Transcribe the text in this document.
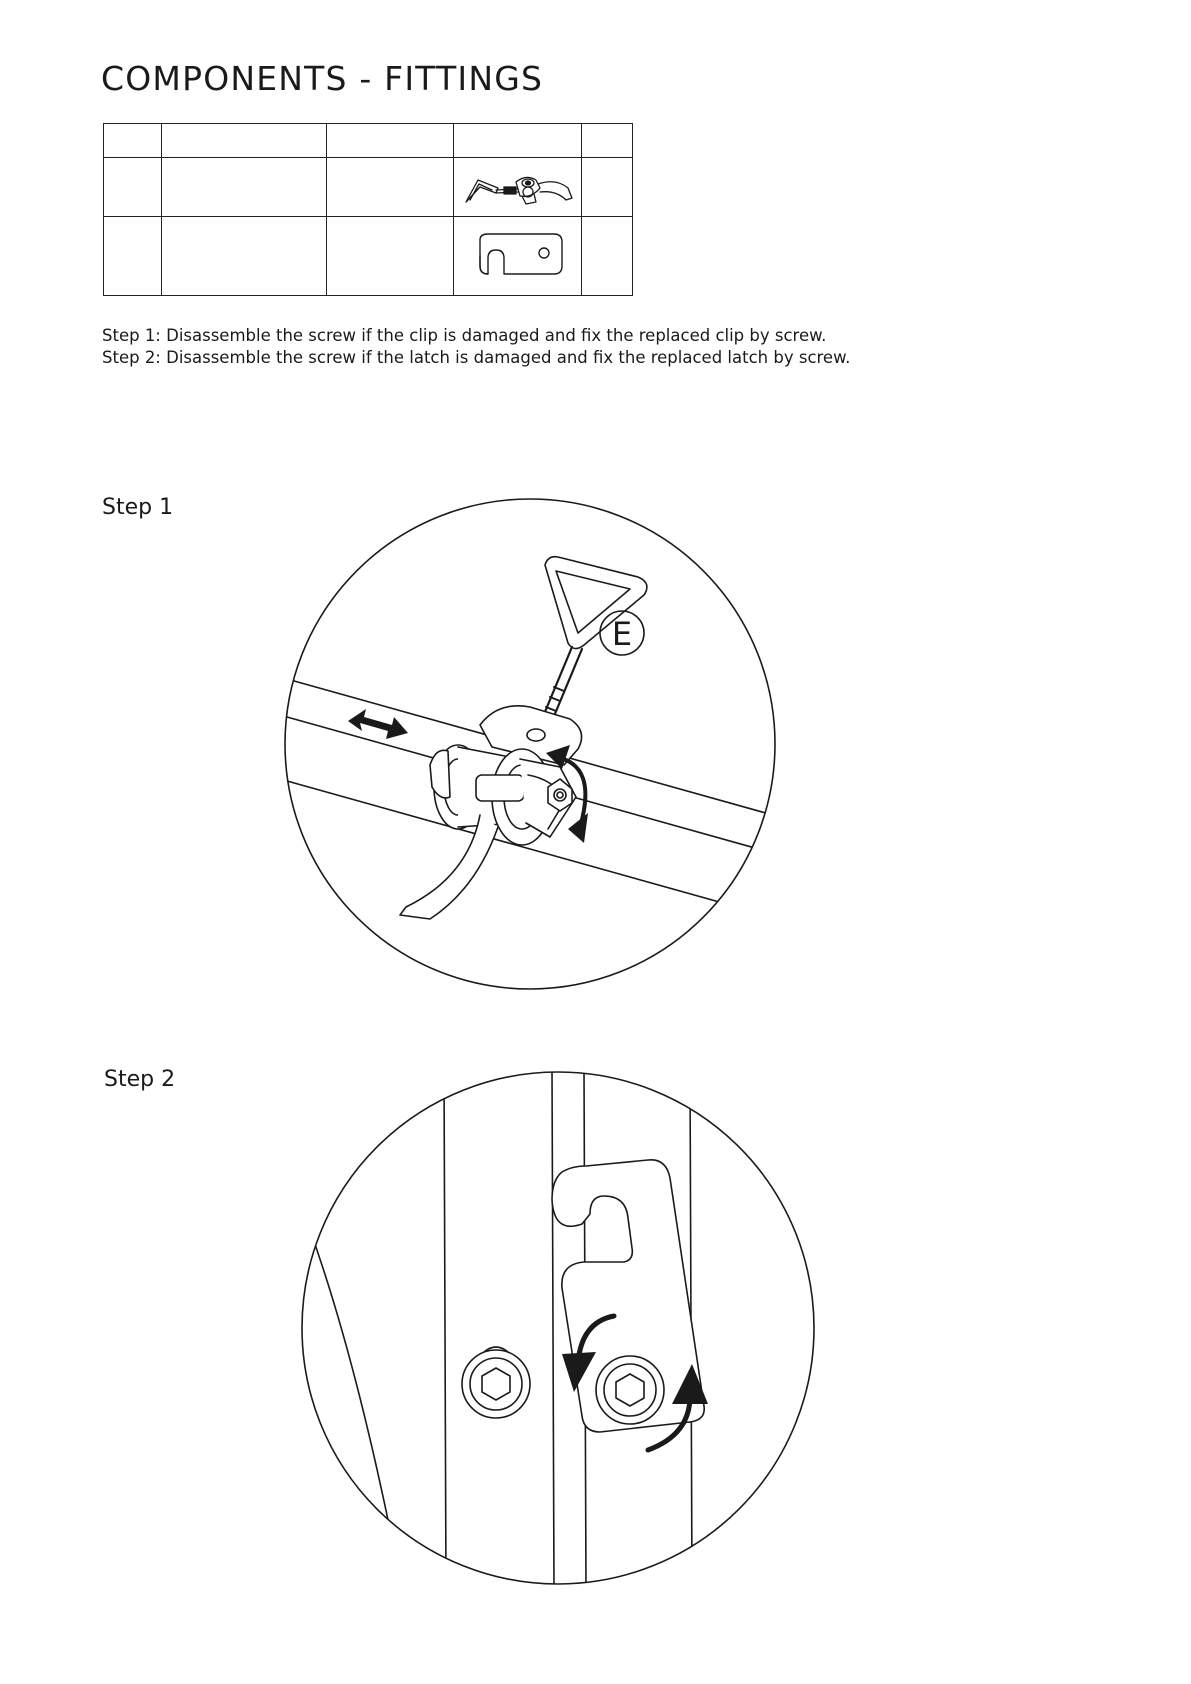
COMPONENTS - FITTINGS

Step 1: Disassemble the screw if the clip is damaged and fix the replaced clip by screw.

Step 2: Disassemble the screw if the latch is damaged and fix the replaced latch by screw.

Step 1
E
Step 2
